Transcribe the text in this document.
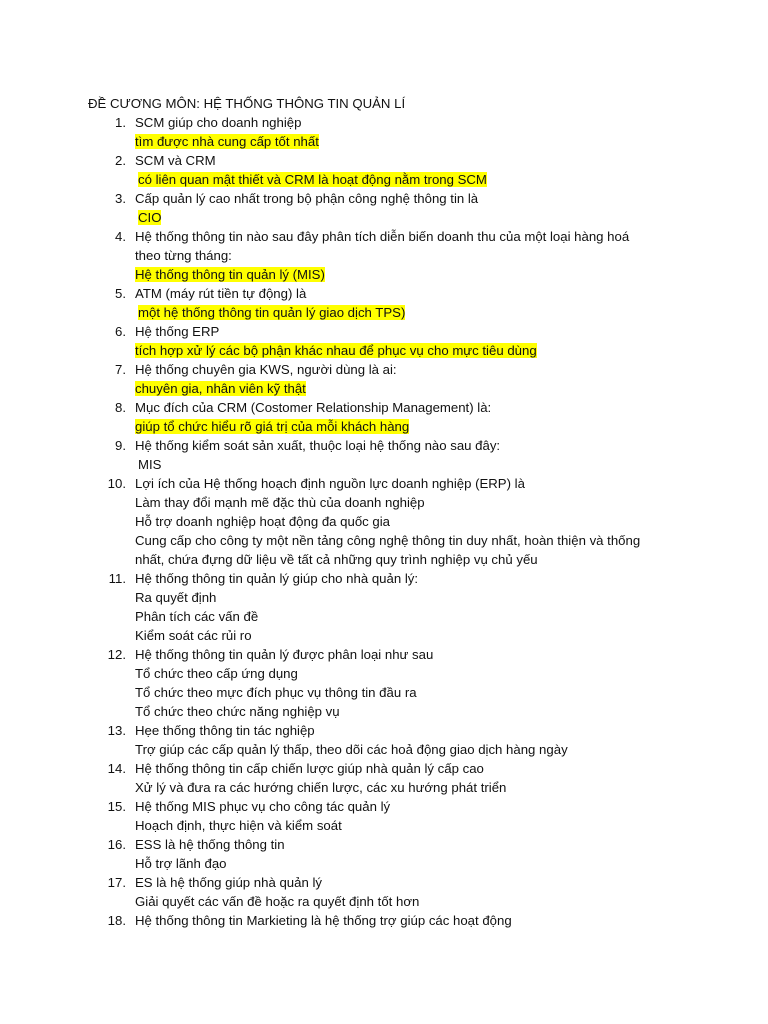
ĐỀ CƯƠNG MÔN: HỆ THỐNG THÔNG TIN QUẢN LÍ
1. SCM giúp cho doanh nghiệp
tìm được nhà cung cấp tốt nhất
2. SCM và CRM
có liên quan mật thiết và CRM là hoạt động nằm trong SCM
3. Cấp quản lý cao nhất trong bộ phận công nghệ thông tin là
CIO
4. Hệ thống thông tin nào sau đây phân tích diễn biến doanh thu của một loại hàng hoá
theo từng tháng:
Hệ thống thông tin quản lý (MIS)
5. ATM (máy rút tiền tự động) là
một hệ thống thông tin quản lý giao dịch TPS)
6. Hệ thống ERP
tích hợp xử lý các bộ phận khác nhau để phục vụ cho mực tiêu dùng
7. Hệ thống chuyên gia KWS, người dùng là ai:
chuyên gia, nhân viên kỹ thật
8. Mục đích của CRM (Costomer Relationship Management) là:
giúp tổ chức hiểu rõ giá trị của mỗi khách hàng
9. Hệ thống kiểm soát sản xuất, thuộc loại hệ thống nào sau đây:
MIS
10. Lợi ích của Hệ thống hoạch định nguồn lực doanh nghiệp (ERP) là
Làm thay đổi mạnh mẽ đặc thù của doanh nghiệp
Hỗ trợ doanh nghiệp hoạt động đa quốc gia
Cung cấp cho công ty một nền tảng công nghệ thông tin duy nhất, hoàn thiện và thống
nhất, chứa đựng dữ liệu về tất cả những quy trình nghiệp vụ chủ yếu
11. Hệ thống thông tin quản lý giúp cho nhà quản lý:
Ra quyết định
Phân tích các vấn đề
Kiểm soát các rủi ro
12. Hệ thống thông tin quản lý được phân loại như sau
Tổ chức theo cấp ứng dụng
Tổ chức theo mực đích phục vụ thông tin đầu ra
Tổ chức theo chức năng nghiệp vụ
13. Hẹe thống thông tin tác nghiệp
Trợ giúp các cấp quản lý thấp, theo dõi các hoả động giao dịch hàng ngày
14. Hệ thống thông tin cấp chiến lược giúp nhà quản lý cấp cao
Xử lý và đưa ra các hướng chiến lược, các xu hướng phát triển
15. Hệ thống MIS phục vụ cho công tác quản lý
Hoạch định, thực hiện và kiểm soát
16. ESS là hệ thống thông tin
Hỗ trợ lãnh đạo
17. ES là hệ thống giúp nhà quản lý
Giải quyết các vấn đề hoặc ra quyết định tốt hơn
18. Hệ thống thông tin Markieting là hệ thống trợ giúp các hoạt động
